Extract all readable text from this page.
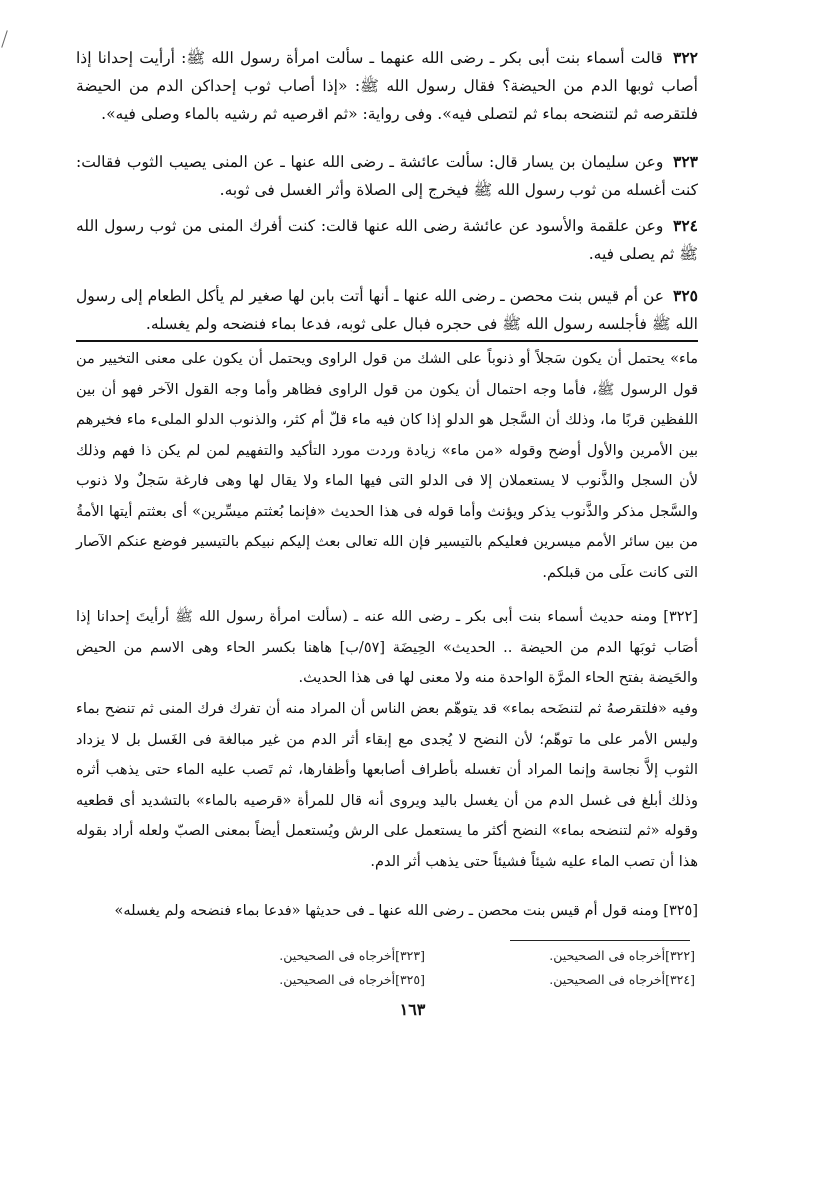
٣٢٢ قالت أسماء بنت أبى بكر ـ رضى الله عنهما ـ سألت امرأة رسول الله ﷺ: أرأيت إحدانا إذا أصاب ثوبها الدم من الحيضة؟ فقال رسول الله ﷺ: «إذا أصاب ثوب إحداكن الدم من الحيضة فلتقرصه ثم لتنضحه بماء ثم لتصلى فيه». وفى رواية: «ثم اقرصيه ثم رشيه بالماء وصلى فيه».

٣٢٣ وعن سليمان بن يسار قال: سألت عائشة ـ رضى الله عنها ـ عن المنى يصيب الثوب فقالت: كنت أغسله من ثوب رسول الله ﷺ فيخرج إلى الصلاة وأثر الغسل فى ثوبه.

٣٢٤ وعن علقمة والأسود عن عائشة رضى الله عنها قالت: كنت أفرك المنى من ثوب رسول الله ﷺ ثم يصلى فيه.

٣٢٥ عن أم قيس بنت محصن ـ رضى الله عنها ـ أنها أتت بابن لها صغير لم يأكل الطعام إلى رسول الله ﷺ فأجلسه رسول الله ﷺ فى حجره فبال على ثوبه، فدعا بماء فنضحه ولم يغسله.

ماء» يحتمل أن يكون سَجلاً أو ذنوباً على الشك من قول الراوى ويحتمل أن يكون على معنى التخيير من قول الرسول ﷺ، فأما وجه احتمال أن يكون من قول الراوى فظاهر وأما وجه القول الآخر فهو أن بين اللفظين قربًا ما، وذلك أن السَّجل هو الدلو إذا كان فيه ماء قلّ أم كثر، والذنوب الدلو الملىء ماء فخيرهم بين الأمرين والأول أوضح وقوله «من ماء» زيادة وردت مورد التأكيد والتفهيم لمن لم يكن ذا فهم وذلك لأن السجل والذَّنوب لا يستعملان إلا فى الدلو التى فيها الماء ولا يقال لها وهى فارغة سَجلٌ ولا ذنوب والسَّجل مذكر والذَّنوب يذكر ويؤنث وأما قوله فى هذا الحديث «فإنما بُعثتم ميسِّرين» أى بعثتم أيتها الأمةُ من بين سائر الأمم ميسرين فعليكم بالتيسير فإن الله تعالى بعث إليكم نبيكم بالتيسير فوضع عنكم الآصار التى كانت علَى من قبلكم.

[٣٢٢] ومنه حديث أسماء بنت أبى بكر ـ رضى الله عنه ـ (سألت امرأة رسول الله ﷺ أرأيتَ إحدانا إذا أصَاب ثوبَها الدم من الحيضة .. الحديث» الحِيضَة [٥٧/ب] هاهنا بكسر الحاء وهى الاسم من الحيض والحَيضة بفتح الحاء المرَّة الواحدة منه ولا معنى لها فى هذا الحديث.

وفيه «فلتقرصهُ ثم لتنضَحه بماء» قد يتوهّم بعض الناس أن المراد منه أن تفرك فرك المنى ثم تنضح بماء وليس الأمر على ما توهّم؛ لأن النضح لا يُجدى مع إبقاء أثر الدم من غير مبالغة فى الغَسل بل لا يزداد الثوب إلاَّ نجاسة وإنما المراد أن تغسله بأطراف أصابعها وأظفارها، ثم تَصب عليه الماء حتى يذهب أثره وذلك أبلغ فى غسل الدم من أن يغسل باليد ويروى أنه قال للمرأة «قرصيه بالماء» بالتشديد أى قطعيه وقوله «ثم لتنضحه بماء» النضح أكثر ما يستعمل على الرش ويُستعمل أيضاً بمعنى الصبّ ولعله أراد بقوله هذا أن تصب الماء عليه شيئاً فشيئاً حتى يذهب أثر الدم.

[٣٢٥] ومنه قول أم قيس بنت محصن ـ رضى الله عنها ـ فى حديثها «فدعا بماء فنضحه ولم يغسله»

[٣٢٢]أخرجاه فى الصحيحين.
[٣٢٣]أخرجاه فى الصحيحين.
[٣٢٤]أخرجاه فى الصحيحين.
[٣٢٥]أخرجاه فى الصحيحين.
١٦٣
